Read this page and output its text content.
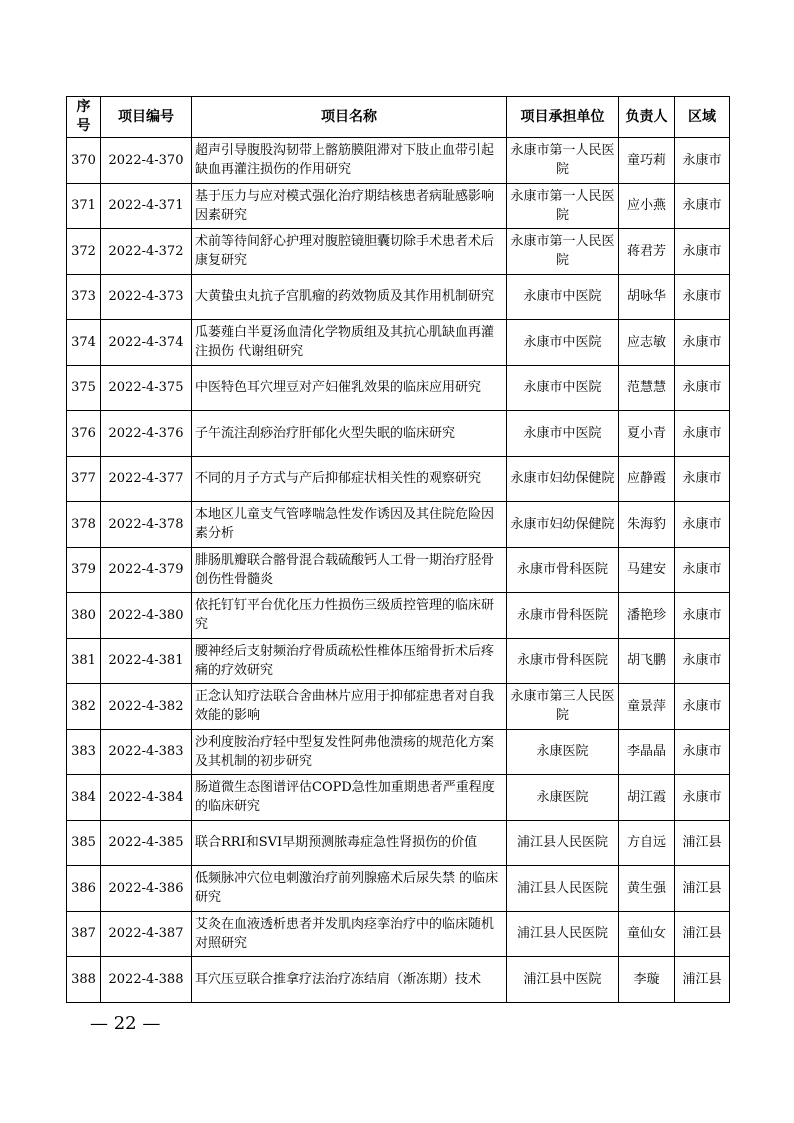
序号	项目编号	项目名称	项目承担单位	负责人	区域
370	2022-4-370	超声引导腹股沟韧带上髂筋膜阻滞对下肢止血带引起缺血再灌注损伤的作用研究	永康市第一人民医院	童巧莉	永康市
371	2022-4-371	基于压力与应对模式强化治疗期结核患者病耻感影响因素研究	永康市第一人民医院	应小燕	永康市
372	2022-4-372	术前等待间舒心护理对腹腔镜胆囊切除手术患者术后康复研究	永康市第一人民医院	蒋君芳	永康市
373	2022-4-373	大黄蛰虫丸抗子宫肌瘤的药效物质及其作用机制研究	永康市中医院	胡咏华	永康市
374	2022-4-374	瓜蒌薤白半夏汤血清化学物质组及其抗心肌缺血再灌注损伤 代谢组研究	永康市中医院	应志敏	永康市
375	2022-4-375	中医特色耳穴埋豆对产妇催乳效果的临床应用研究	永康市中医院	范慧慧	永康市
376	2022-4-376	子午流注刮痧治疗肝郁化火型失眠的临床研究	永康市中医院	夏小青	永康市
377	2022-4-377	不同的月子方式与产后抑郁症状相关性的观察研究	永康市妇幼保健院	应静霞	永康市
378	2022-4-378	本地区儿童支气管哮喘急性发作诱因及其住院危险因素分析	永康市妇幼保健院	朱海豹	永康市
379	2022-4-379	腓肠肌瓣联合髂骨混合载硫酸钙人工骨一期治疗胫骨创伤性骨髓炎	永康市骨科医院	马建安	永康市
380	2022-4-380	依托钉钉平台优化压力性损伤三级质控管理的临床研究	永康市骨科医院	潘艳珍	永康市
381	2022-4-381	腰神经后支射频治疗骨质疏松性椎体压缩骨折术后疼痛的疗效研究	永康市骨科医院	胡飞鹏	永康市
382	2022-4-382	正念认知疗法联合舍曲林片应用于抑郁症患者对自我效能的影响	永康市第三人民医院	童景萍	永康市
383	2022-4-383	沙利度胺治疗轻中型复发性阿弗他溃疡的规范化方案及其机制的初步研究	永康医院	李晶晶	永康市
384	2022-4-384	肠道微生态图谱评估COPD急性加重期患者严重程度的临床研究	永康医院	胡江霞	永康市
385	2022-4-385	联合RRI和SVI早期预测脓毒症急性肾损伤的价值	浦江县人民医院	方自远	浦江县
386	2022-4-386	低频脉冲穴位电刺激治疗前列腺癌术后尿失禁 的临床研究	浦江县人民医院	黄生强	浦江县
387	2022-4-387	艾灸在血液透析患者并发肌肉痉挛治疗中的临床随机对照研究	浦江县人民医院	童仙女	浦江县
388	2022-4-388	耳穴压豆联合推拿疗法治疗冻结肩（渐冻期）技术	浦江县中医院	李璇	浦江县
— 22 —
